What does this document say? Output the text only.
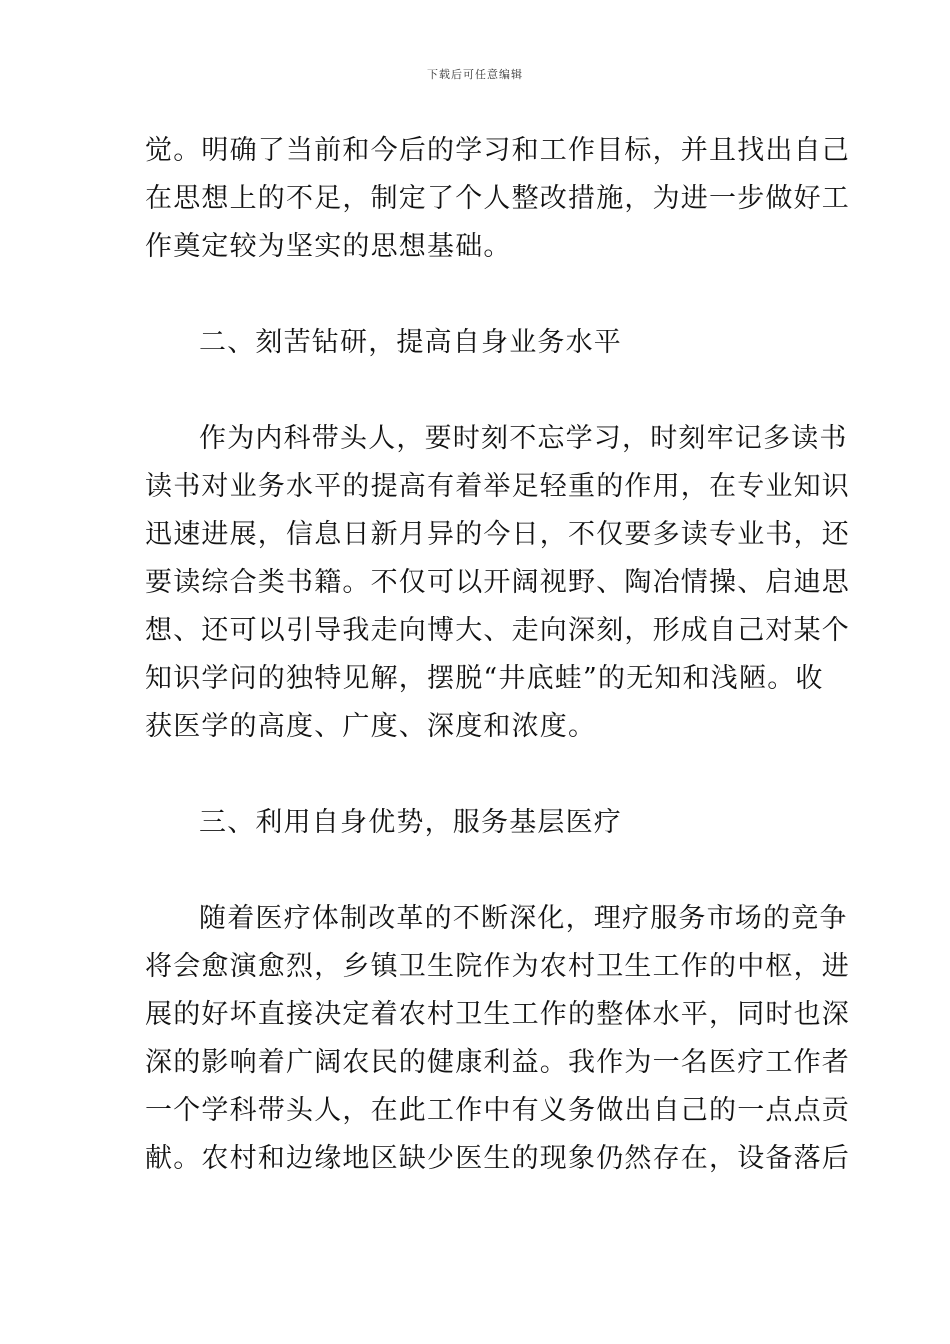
下载后可任意编辑
觉。明确了当前和今后的学习和工作目标，并且找出自己
在思想上的不足，制定了个人整改措施，为进一步做好工
作奠定较为坚实的思想基础。
二、刻苦钻研，提高自身业务水平
作为内科带头人，要时刻不忘学习，时刻牢记多读书
读书对业务水平的提高有着举足轻重的作用，在专业知识
迅速进展，信息日新月异的今日，不仅要多读专业书，还
要读综合类书籍。不仅可以开阔视野、陶冶情操、启迪思
想、还可以引导我走向博大、走向深刻，形成自己对某个
知识学问的独特见解，摆脱“井底蛙”的无知和浅陋。收
获医学的高度、广度、深度和浓度。
三、利用自身优势，服务基层医疗
随着医疗体制改革的不断深化，理疗服务市场的竞争
将会愈演愈烈，乡镇卫生院作为农村卫生工作的中枢，进
展的好坏直接决定着农村卫生工作的整体水平，同时也深
深的影响着广阔农民的健康利益。我作为一名医疗工作者
一个学科带头人，在此工作中有义务做出自己的一点点贡
献。农村和边缘地区缺少医生的现象仍然存在，设备落后
